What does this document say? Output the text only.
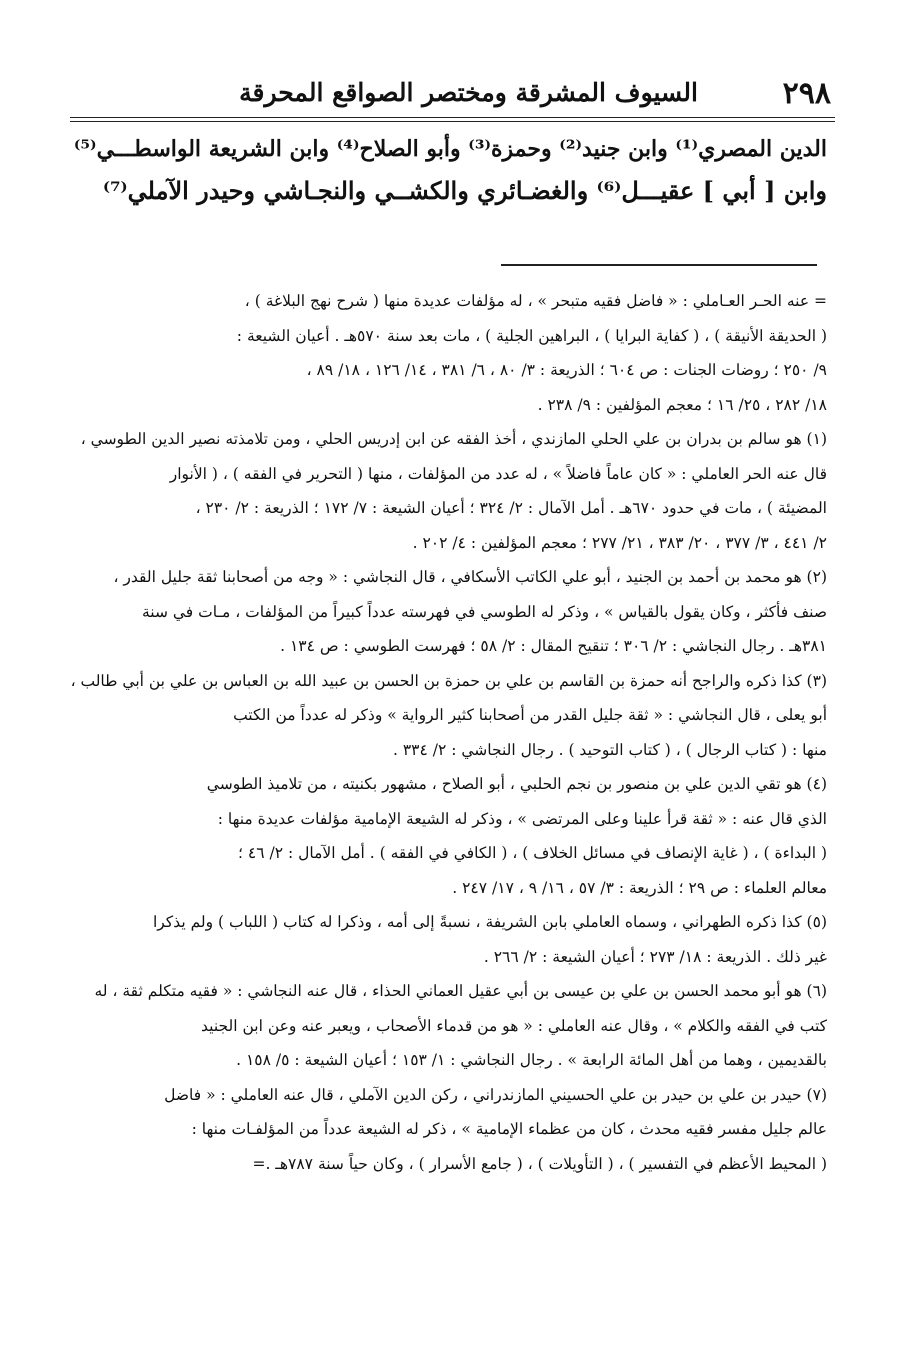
٢٩٨
السيوف المشرقة ومختصر الصواقع المحرقة
الدين المصري⁽¹⁾ وابن جنيد⁽²⁾ وحمزة⁽³⁾ وأبو الصلاح⁽⁴⁾ وابن الشريعة الواسطـــي⁽⁵⁾
وابن [ أبي ] عقيـــل⁽⁶⁾ والغضـائري والكشــي والنجـاشي وحيدر الآملي⁽⁷⁾
= عنه الحـر العـاملي : « فاضل فقيه متبحر » ، له مؤلفات عديدة منها ( شرح نهج البلاغة ) ،
( الحديقة الأنيقة ) ، ( كفاية البرايا ) ، البراهين الجلية ) ، مات بعد سنة ٥٧٠هـ . أعيان الشيعة :
٩/ ٢٥٠ ؛ روضات الجنات : ص ٦٠٤ ؛ الذريعة : ٣/ ٨٠ ، ٦/ ٣٨١ ، ١٤/ ١٢٦ ، ١٨/ ٨٩ ،
١٨/ ٢٨٢ ، ٢٥/ ١٦ ؛ معجم المؤلفين : ٩/ ٢٣٨ .
(١) هو سالم بن بدران بن علي الحلي المازندي ، أخذ الفقه عن ابن إدريس الحلي ، ومن تلامذته نصير الدين الطوسي ،
قال عنه الحر العاملي : « كان عاماً فاضلاً » ، له عدد من المؤلفات ، منها ( التحرير في الفقه ) ، ( الأنوار
المضيئة ) ، مات في حدود ٦٧٠هـ . أمل الآمال : ٢/ ٣٢٤ ؛ أعيان الشيعة : ٧/ ١٧٢ ؛ الذريعة : ٢/ ٢٣٠ ،
٢/ ٤٤١ ، ٣/ ٣٧٧ ، ٢٠/ ٣٨٣ ، ٢١/ ٢٧٧ ؛ معجم المؤلفين : ٤/ ٢٠٢ .
(٢) هو محمد بن أحمد بن الجنيد ، أبو علي الكاتب الأسكافي ، قال النجاشي : « وجه من أصحابنا ثقة جليل القدر ،
صنف فأكثر ، وكان يقول بالقياس » ، وذكر له الطوسي في فهرسته عدداً كبيراً من المؤلفات ، مـات في سنة
٣٨١هـ . رجال النجاشي : ٢/ ٣٠٦ ؛ تنقيح المقال : ٢/ ٥٨ ؛ فهرست الطوسي : ص ١٣٤ .
(٣) كذا ذكره والراجح أنه حمزة بن القاسم بن علي بن حمزة بن الحسن بن عبيد الله بن العباس بن علي بن أبي طالب ،
أبو يعلى ، قال النجاشي : « ثقة جليل القدر من أصحابنا كثير الرواية » وذكر له عدداً من الكتب
منها : ( كتاب الرجال ) ، ( كتاب التوحيد ) . رجال النجاشي : ٢/ ٣٣٤ .
(٤) هو تقي الدين علي بن منصور بن نجم الحلبي ، أبو الصلاح ، مشهور بكنيته ، من تلاميذ الطوسي
الذي قال عنه : « ثقة قرأ علينا وعلى المرتضى » ، وذكر له الشيعة الإمامية مؤلفات عديدة منها :
( البداءة ) ، ( غاية الإنصاف في مسائل الخلاف ) ، ( الكافي في الفقه ) . أمل الآمال : ٢/ ٤٦ ؛
معالم العلماء : ص ٢٩ ؛ الذريعة : ٣/ ٥٧ ، ١٦/ ٩ ، ١٧/ ٢٤٧ .
(٥) كذا ذكره الطهراني ، وسماه العاملي بابن الشريفة ، نسبةً إلى أمه ، وذكرا له كتاب ( اللباب ) ولم يذكرا
غير ذلك . الذريعة : ١٨/ ٢٧٣ ؛ أعيان الشيعة : ٢/ ٢٦٦ .
(٦) هو أبو محمد الحسن بن علي بن عيسى بن أبي عقيل العماني الحذاء ، قال عنه النجاشي : « فقيه متكلم ثقة ، له
كتب في الفقه والكلام » ، وقال عنه العاملي : « هو من قدماء الأصحاب ، ويعبر عنه وعن ابن الجنيد
بالقديمين ، وهما من أهل المائة الرابعة » . رجال النجاشي : ١/ ١٥٣ ؛ أعيان الشيعة : ٥/ ١٥٨ .
(٧) حيدر بن علي بن حيدر بن علي الحسيني المازندراني ، ركن الدين الآملي ، قال عنه العاملي : « فاضل
عالم جليل مفسر فقيه محدث ، كان من عظماء الإمامية » ، ذكر له الشيعة عدداً من المؤلفـات منها :
( المحيط الأعظم في التفسير ) ، ( التأويلات ) ، ( جامع الأسرار ) ، وكان حياً سنة ٧٨٧هـ .=
